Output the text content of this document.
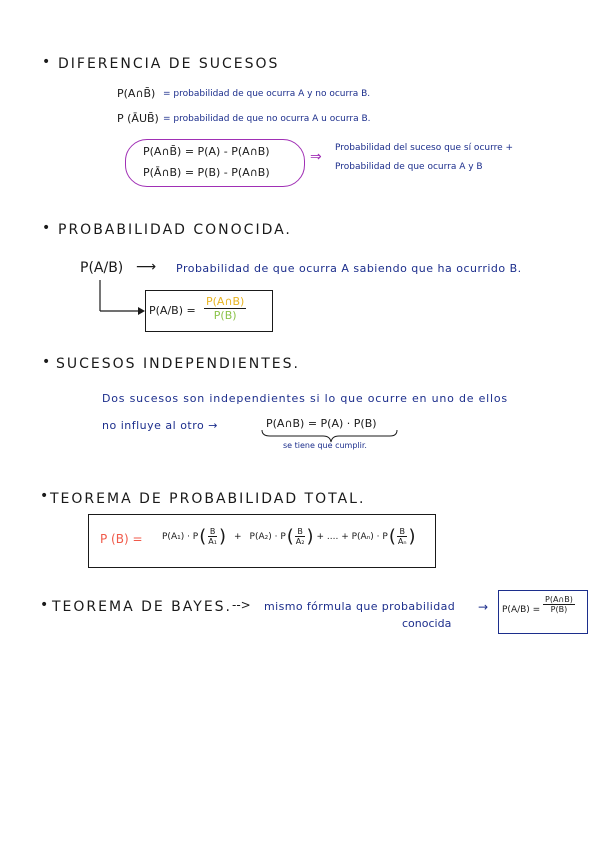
• DIFERENCIA DE SUCESOS
P(A∩B̄) = probabilidad de que ocurra A y no ocurra B.
P (ĀUB̄) = probabilidad de que no ocurra A u ocurra B.
P(A∩B̄) = P(A) - P(A∩B)
P(Ā∩B) = P(B) - P(A∩B)
⇒
Probabilidad del suceso que sí ocurre +
Probabilidad de que ocurra A y B
• PROBABILIDAD CONOCIDA.
P(A/B) ⟶ Probabilidad de que ocurra A sabiendo que ha ocurrido B.
$P(A/B) = \frac{P(A\cap B)}{P(B)}$
• SUCESOS INDEPENDIENTES.
Dos sucesos son independientes si lo que ocurre en uno de ellos
no influye al otro →	P(A∩B) = P(A) · P(B)
se tiene que cumplir.
• TEOREMA DE PROBABILIDAD TOTAL.
P (B) = P(A₁) · P ( $\frac{B}{\text{A₁}}$ ) + P(A₂) · P ( $\frac{B}{\text{A₂}}$ ) + .... + P(Aₙ) · P ( $\frac{B}{\text{Aₙ}}$ )
• TEOREMA DE BAYES. --> mismo fórmula que probabilidad
conocida
→ $P(A/B) = \frac{P(A\cap B)}{P(B)}$
